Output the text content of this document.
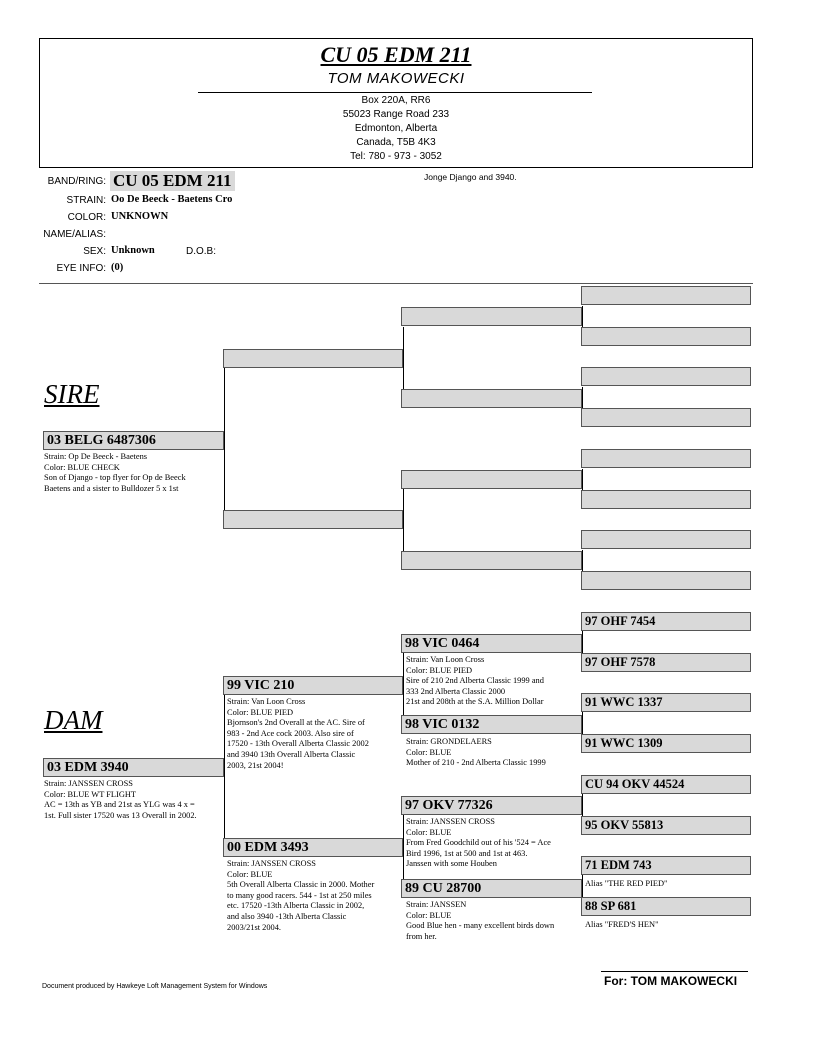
CU 05 EDM 211
TOM MAKOWECKI
Box 220A, RR6
55023 Range Road 233
Edmonton, Alberta
Canada, T5B 4K3
Tel: 780 - 973 - 3052
BAND/RING: CU 05 EDM 211
STRAIN: Oo De Beeck - Baetens Cro
COLOR: UNKNOWN
NAME/ALIAS:
SEX: Unknown	D.O.B:
EYE INFO: (0)
Jonge Django and 3940.
SIRE
DAM
03 BELG 6487306
Strain: Op De Beeck - Baetens
Color: BLUE CHECK
Son of Django - top flyer for Op de Beeck
Baetens and a sister to Bulldozer 5 x 1st
03 EDM 3940
Strain: JANSSEN CROSS
Color: BLUE WT FLIGHT
AC = 13th as YB and 21st as YLG was 4 x =
1st. Full sister 17520 was 13 Overall in 2002.
99 VIC 210
Strain: Van Loon Cross
Color: BLUE PIED
Bjornson's 2nd Overall at the AC. Sire of
983 - 2nd Ace cock 2003. Also sire of
17520 - 13th Overall Alberta Classic 2002
and 3940 13th Overall Alberta Classic
2003, 21st 2004!
00 EDM 3493
Strain: JANSSEN CROSS
Color: BLUE
5th Overall Alberta Classic in 2000. Mother
to many good racers. 544 - 1st at 250 miles
etc. 17520 -13th Alberta Classic in 2002,
and also 3940 -13th Alberta Classic
2003/21st 2004.
98 VIC 0464
Strain: Van Loon Cross
Color: BLUE PIED
Sire of 210 2nd Alberta Classic 1999 and
333 2nd Alberta Classic 2000
21st and 208th at the S.A. Million Dollar
98 VIC 0132
Strain: GRONDELAERS
Color: BLUE
Mother of 210 - 2nd Alberta Classic 1999
97 OKV 77326
Strain: JANSSEN CROSS
Color: BLUE
From Fred Goodchild out of his '524 = Ace
Bird 1996, 1st at 500 and 1st at 463.
Janssen with some Houben
89 CU 28700
Strain: JANSSEN
Color: BLUE
Good Blue hen - many excellent birds down
from her.
97 OHF 7454
97 OHF 7578
91 WWC 1337
91 WWC 1309
CU 94 OKV 44524
95 OKV 55813
71 EDM 743
Alias "THE RED PIED"
88 SP 681
Alias "FRED'S HEN"
Document produced by Hawkeye Loft Management System for Windows	For: TOM MAKOWECKI
